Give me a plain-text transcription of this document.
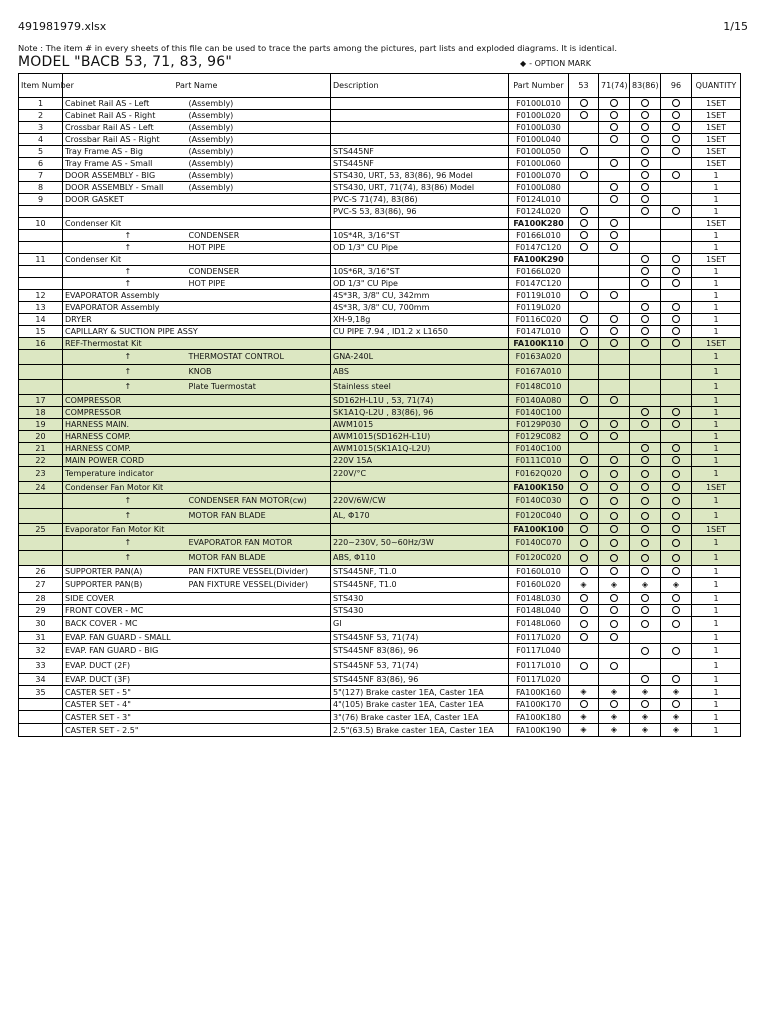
491981979.xlsx	1/15
Note : The item # in every sheets of this file can be used to trace the parts among the pictures, part lists and exploded diagrams. It is identical.
MODEL "BACB 53, 71, 83, 96"	◆ - OPTION MARK
Item Number	Part Name		Description	Part Number	53	71(74)	83(86)	96	QUANTITY
1	Cabinet Rail AS - Left	(Assembly)		F0100L010					1SET
2	Cabinet Rail AS - Right	(Assembly)		F0100L020					1SET
3	Crossbar Rail AS - Left	(Assembly)		F0100L030					1SET
4	Crossbar Rail AS - Right	(Assembly)		F0100L040					1SET
5	Tray Frame AS - Big	(Assembly)	STS445NF	F0100L050					1SET
6	Tray Frame AS - Small	(Assembly)	STS445NF	F0100L060					1SET
7	DOOR ASSEMBLY - BIG	(Assembly)	STS430, URT, 53, 83(86), 96 Model	F0100L070					1
8	DOOR ASSEMBLY - Small	(Assembly)	STS430, URT, 71(74), 83(86) Model	F0100L080					1
9	DOOR GASKET		PVC-S 71(74), 83(86)	F0124L010					1
			PVC-S 53, 83(86), 96	F0124L020					1
10	Condenser Kit			FA100K280					1SET
		↑ CONDENSER	10S*4R, 3/16"ST	F0166L010					1
		↑ HOT PIPE	OD 1/3" CU Pipe	F0147C120					1
11	Condenser Kit			FA100K290					1SET
		↑ CONDENSER	10S*6R, 3/16"ST	F0166L020					1
		↑ HOT PIPE	OD 1/3" CU Pipe	F0147C120					1
12	EVAPORATOR Assembly		4S*3R, 3/8" CU, 342mm	F0119L010					1
13	EVAPORATOR Assembly		4S*3R, 3/8" CU, 700mm	F0119L020					1
14	DRYER		XH-9,18g	F0116C020					1
15	CAPILLARY & SUCTION PIPE ASSY		CU PIPE 7.94 , ID1.2 x L1650	F0147L010					1
16	REF-Thermostat Kit			FA100K110					1SET
		THERMOSTAT CONTROL	GNA-240L	F0163A020					1
		KNOB	ABS	F0167A010					1
		Plate Tuermostat	Stainless steel	F0148C010					1
17	COMPRESSOR		SD162H-L1U , 53, 71(74)	F0140A080					1
18	COMPRESSOR		SK1A1Q-L2U , 83(86), 96	F0140C100					1
19	HARNESS MAIN.		AWM1015	F0129P030					1
20	HARNESS COMP.		AWM1015(SD162H-L1U)	F0129C082					1
21	HARNESS COMP.		AWM1015(SK1A1Q-L2U)	F0140C100					1
22	MAIN POWER CORD		220V 15A	F0111C010					1
23	Temperature indicator		220V/°C	F0162Q020					1
24	Condenser Fan Motor Kit			FA100K150					1SET
		CONDENSER FAN MOTOR(cw)	220V/6W/CW	F0140C030					1
		MOTOR FAN BLADE	AL, Φ170	F0120C040					1
25	Evaporator Fan Motor Kit			FA100K100					1SET
		EVAPORATOR FAN MOTOR	220~230V, 50~60Hz/3W	F0140C070					1
		MOTOR FAN BLADE	ABS, Φ110	F0120C020					1
26	SUPPORTER PAN(A)	PAN FIXTURE VESSEL(Divider)	STS445NF, T1.0	F0160L010					1
27	SUPPORTER PAN(B)	PAN FIXTURE VESSEL(Divider)	STS445NF, T1.0	F0160L020	◈	◈	◈	◈	1
28	SIDE COVER		STS430	F0148L030					1
29	FRONT COVER - MC		STS430	F0148L040					1
30	BACK COVER - MC		GI	F0148L060					1
31	EVAP. FAN GUARD - SMALL		STS445NF 53, 71(74)	F0117L020					1
32	EVAP. FAN GUARD - BIG		STS445NF 83(86), 96	F0117L040					1
33	EVAP. DUCT (2F)		STS445NF 53, 71(74)	F0117L010					1
34	EVAP. DUCT (3F)		STS445NF 83(86), 96	F0117L020					1
35	CASTER SET - 5"		5"(127) Brake caster 1EA, Caster 1EA	FA100K160	◈	◈	◈	◈	1
	CASTER SET - 4"		4"(105) Brake caster 1EA, Caster 1EA	FA100K170					1
	CASTER SET - 3"		3"(76) Brake caster 1EA, Caster 1EA	FA100K180	◈	◈	◈	◈	1
	CASTER SET - 2.5"		2.5"(63.5) Brake caster 1EA, Caster 1EA	FA100K190	◈	◈	◈	◈	1
